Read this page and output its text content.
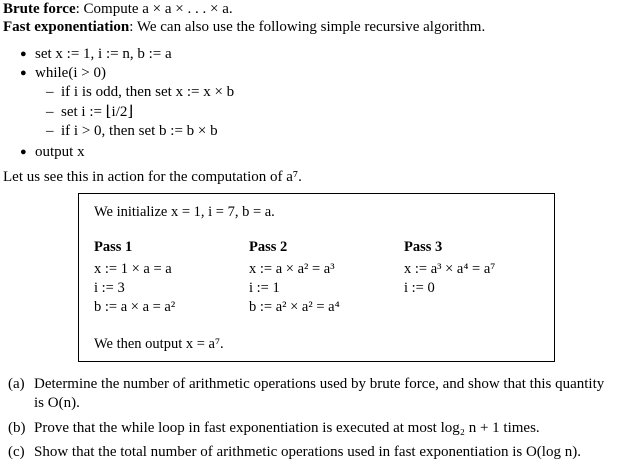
Brute force: Compute a × a × . . . × a.
Fast exponentiation: We can also use the following simple recursive algorithm.
● set x := 1, i := n, b := a
● while(i > 0)
– if i is odd, then set x := x × b
– set i := ⌊i/2⌋
– if i > 0, then set b := b × b
● output x
Let us see this in action for the computation of a⁷.
We initialize x = 1, i = 7, b = a.
Pass 1
x := 1 × a = a
i := 3
b := a × a = a²
Pass 2
x := a × a² = a³
i := 1
b := a² × a² = a⁴
Pass 3
x := a³ × a⁴ = a⁷
i := 0
We then output x = a⁷.
(a) Determine the number of arithmetic operations used by brute force, and show that this quantity
is O(n).
(b) Prove that the while loop in fast exponentiation is executed at most log₂ n + 1 times.
(c) Show that the total number of arithmetic operations used in fast exponentiation is O(log n).
